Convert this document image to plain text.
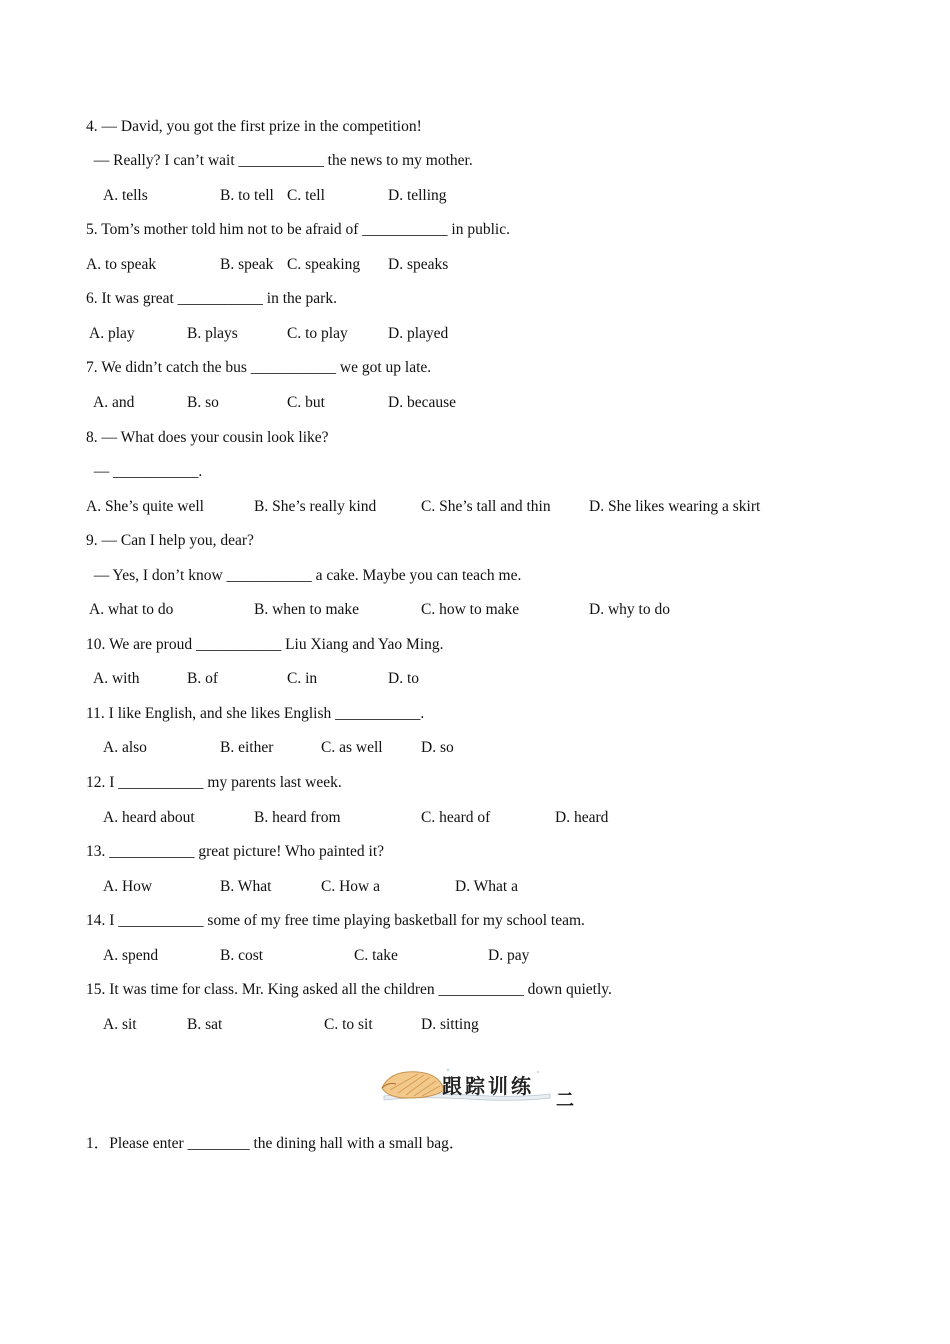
4. — David, you got the first prize in the competition!
— Really? I can’t wait ___________ the news to my mother.
A. tells	B. to tell C. tell	D. telling
5. Tom’s mother told him not to be afraid of ___________ in public.
A. to speak	B. speak C. speaking D. speaks
6. It was great ___________ in the park.
A. play	B. plays	C. to play	D. played
7. We didn’t catch the bus ___________ we got up late.
A. and	B. so	C. but	D. because
8. — What does your cousin look like?
— ___________.
A. She’s quite well	B. She’s really kind	C. She’s tall and thin D. She likes wearing a skirt
9. — Can I help you, dear?
— Yes, I don’t know ___________ a cake. Maybe you can teach me.
A. what to do	B. when to make	C. how to make	D. why to do
10. We are proud ___________ Liu Xiang and Yao Ming.
A. with	B. of	C. in	D. to
11. I like English, and she likes English ___________.
A. also	B. either	C. as well D. so
12. I ___________ my parents last week.
A. heard about	B. heard from	C. heard of	D. heard
13. ___________ great picture! Who painted it?
A. How	B. What	C. How a	D. What a
14. I ___________ some of my free time playing basketball for my school team.
A. spend	B. cost	C. take	D. pay
15. It was time for class. Mr. King asked all the children ___________ down quietly.
A. sit	B. sat	C. to sit	D. sitting
跟踪训练
二
1．Please enter ________ the dining hall with a small bag．
